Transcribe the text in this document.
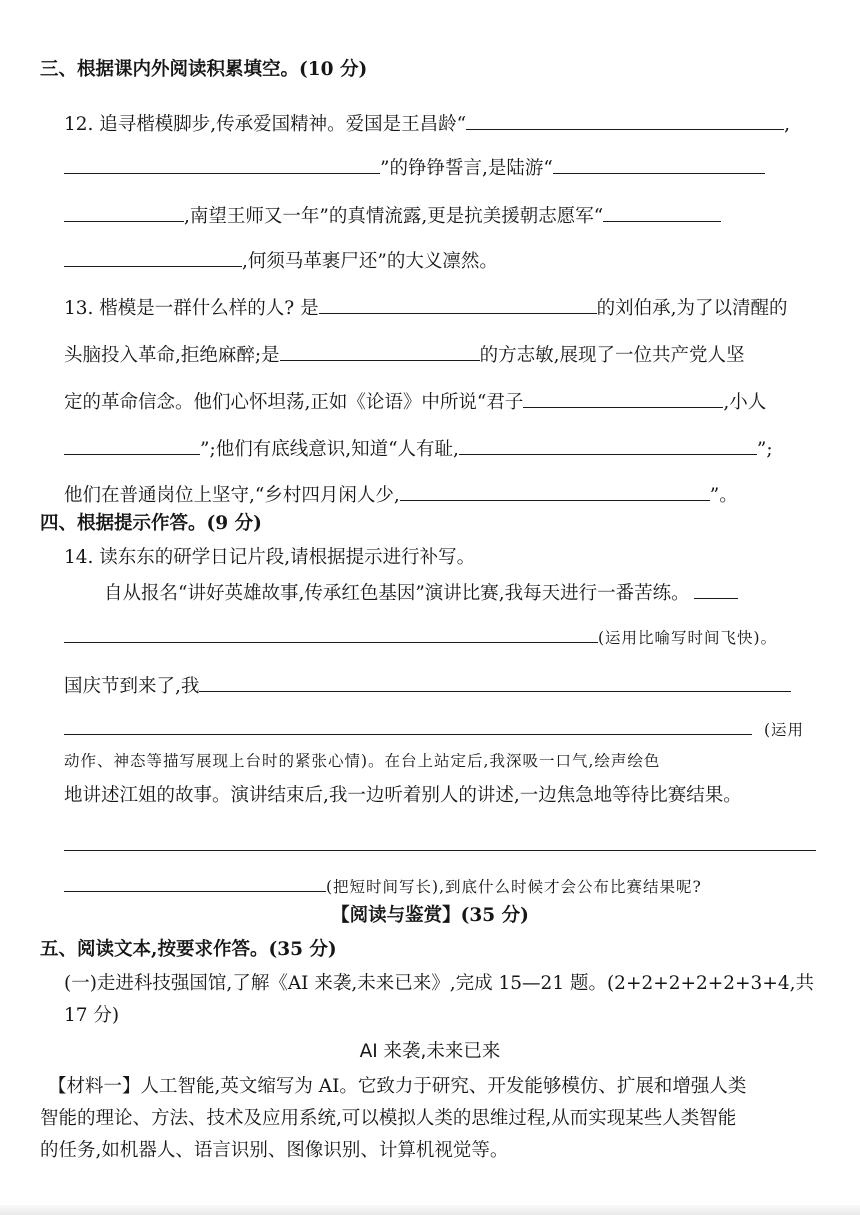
三、根据课内外阅读积累填空。(10 分)
12. 追寻楷模脚步,传承爱国精神。爱国是王昌龄“	,
”的铮铮誓言,是陆游“
,南望王师又一年”的真情流露,更是抗美援朝志愿军“
,何须马革裹尸还”的大义凛然。
13. 楷模是一群什么样的人? 是	的刘伯承,为了以清醒的
头脑投入革命,拒绝麻醉;是	的方志敏,展现了一位共产党人坚
定的革命信念。他们心怀坦荡,正如《论语》中所说“君子	,小人
”;他们有底线意识,知道“人有耻,	”;
他们在普通岗位上坚守,“乡村四月闲人少,	”。
四、根据提示作答。(9 分)
14. 读东东的研学日记片段,请根据提示进行补写。
自从报名“讲好英雄故事,传承红色基因”演讲比赛,我每天进行一番苦练。
(运用比喻写时间飞快)。
国庆节到来了,我
(运用
动作、神态等描写展现上台时的紧张心情)。在台上站定后,我深吸一口气,绘声绘色
地讲述江姐的故事。演讲结束后,我一边听着别人的讲述,一边焦急地等待比赛结果。
(把短时间写长),到底什么时候才会公布比赛结果呢?
【阅读与鉴赏】(35 分)
五、阅读文本,按要求作答。(35 分)
(一)走进科技强国馆,了解《AI 来袭,未来已来》,完成 15—21 题。(2+2+2+2+2+3+4,共
17 分)
AI 来袭,未来已来
【材料一】人工智能,英文缩写为 AI。它致力于研究、开发能够模仿、扩展和增强人类
智能的理论、方法、技术及应用系统,可以模拟人类的思维过程,从而实现某些人类智能
的任务,如机器人、语言识别、图像识别、计算机视觉等。
